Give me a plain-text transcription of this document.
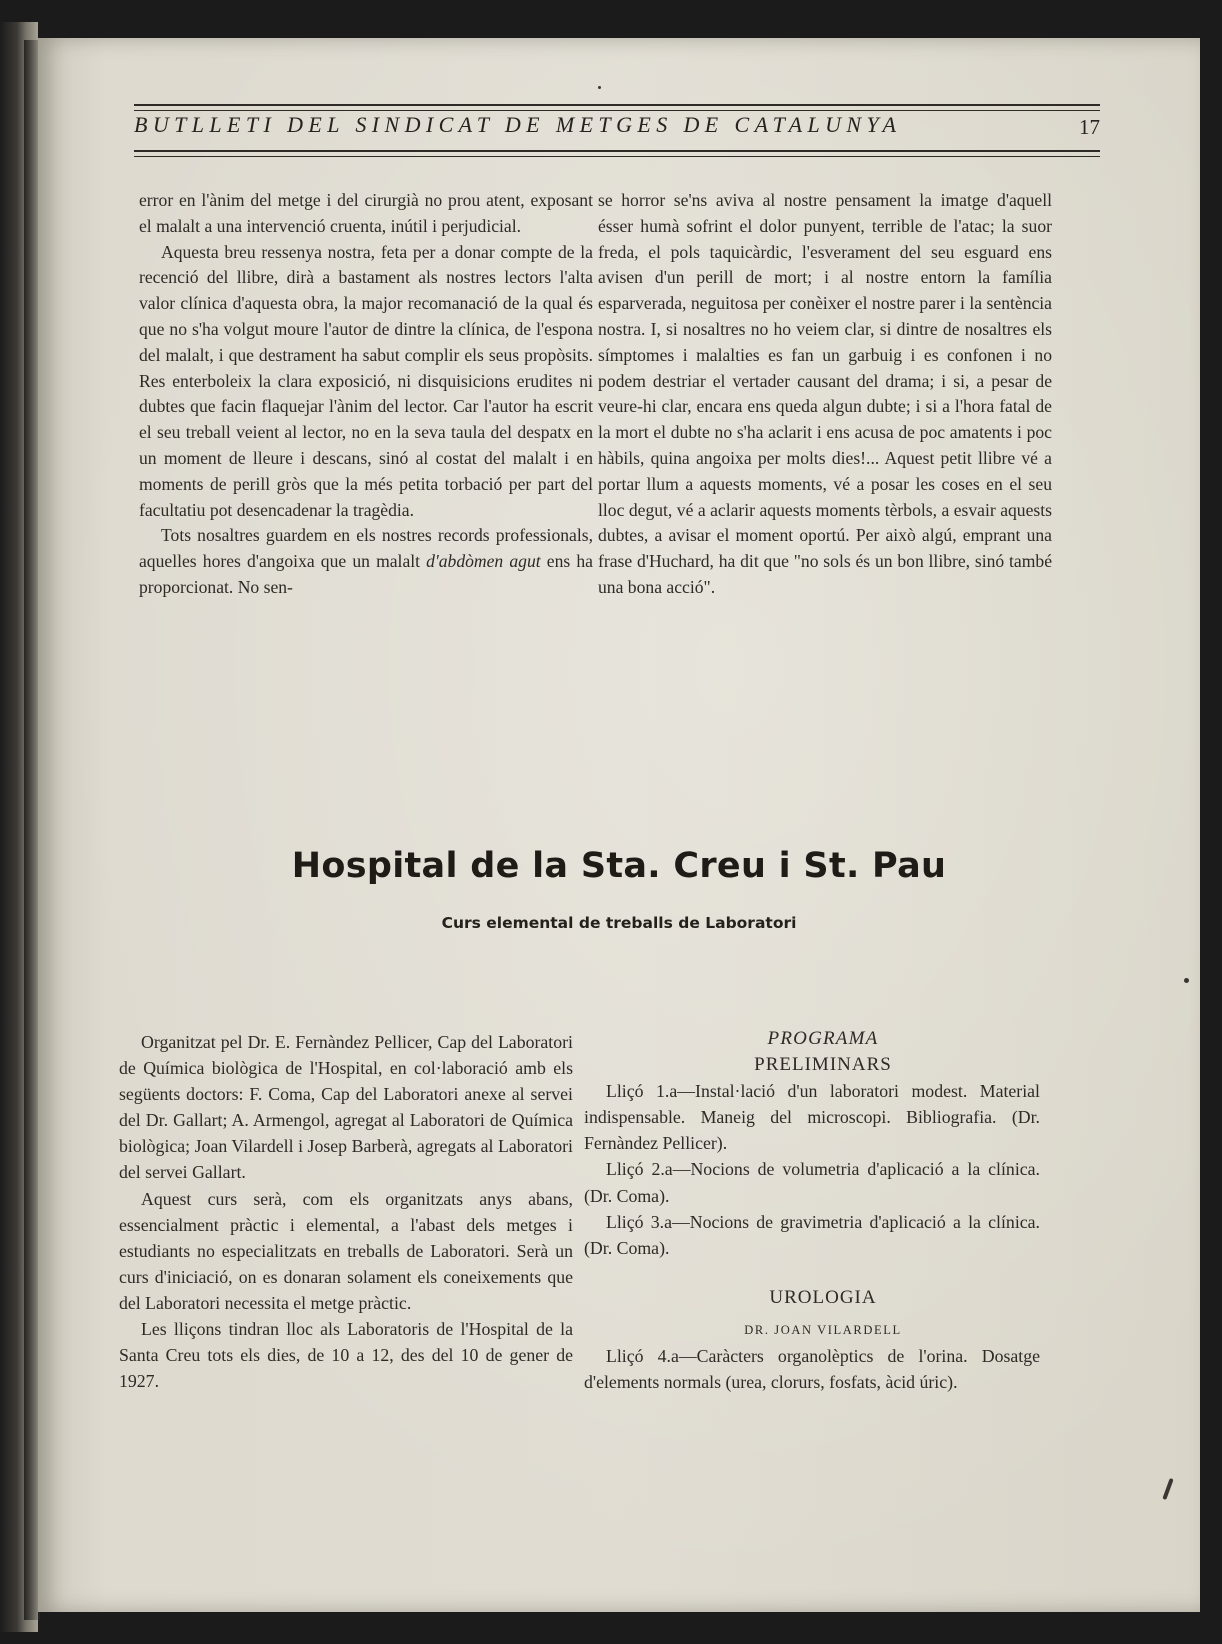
BUTLLETI DEL SINDICAT DE METGES DE CATALUNYA	17

error en l'ànim del metge i del cirurgià no prou atent, exposant el malalt a una intervenció cruenta, inútil i perjudicial.

Aquesta breu ressenya nostra, feta per a donar compte de la recenció del llibre, dirà a bastament als nostres lectors l'alta valor clínica d'aquesta obra, la major recomanació de la qual és que no s'ha volgut moure l'autor de dintre la clínica, de l'espona del malalt, i que destrament ha sabut complir els seus propòsits. Res enterboleix la clara exposició, ni disquisicions erudites ni dubtes que facin flaquejar l'ànim del lector. Car l'autor ha escrit el seu treball veient al lector, no en la seva taula del despatx en un moment de lleure i descans, sinó al costat del malalt i en moments de perill gròs que la més petita torbació per part del facultatiu pot desencadenar la tragèdia.

Tots nosaltres guardem en els nostres records professionals, aquelles hores d'angoixa que un malalt d'abdòmen agut ens ha proporcionat. No sen-

se horror se'ns aviva al nostre pensament la imatge d'aquell ésser humà sofrint el dolor punyent, terrible de l'atac; la suor freda, el pols taquicàrdic, l'esverament del seu esguard ens avisen d'un perill de mort; i al nostre entorn la família esparverada, neguitosa per conèixer el nostre parer i la sentència nostra. I, si nosaltres no ho veiem clar, si dintre de nosaltres els símptomes i malalties es fan un garbuig i es confonen i no podem destriar el vertader causant del drama; i si, a pesar de veure-hi clar, encara ens queda algun dubte; i si a l'hora fatal de la mort el dubte no s'ha aclarit i ens acusa de poc amatents i poc hàbils, quina angoixa per molts dies!... Aquest petit llibre vé a portar llum a aquests moments, vé a posar les coses en el seu lloc degut, vé a aclarir aquests moments tèrbols, a esvair aquests dubtes, a avisar el moment oportú. Per això algú, emprant una frase d'Huchard, ha dit que "no sols és un bon llibre, sinó també una bona acció".

Hospital de la Sta. Creu i St. Pau
Curs elemental de treballs de Laboratori

Organitzat pel Dr. E. Fernàndez Pellicer, Cap del Laboratori de Química biològica de l'Hospital, en col·laboració amb els següents doctors: F. Coma, Cap del Laboratori anexe al servei del Dr. Gallart; A. Armengol, agregat al Laboratori de Química biològica; Joan Vilardell i Josep Barberà, agregats al Laboratori del servei Gallart.

Aquest curs serà, com els organitzats anys abans, essencialment pràctic i elemental, a l'abast dels metges i estudiants no especialitzats en treballs de Laboratori. Serà un curs d'iniciació, on es donaran solament els coneixements que del Laboratori necessita el metge pràctic.

Les lliçons tindran lloc als Laboratoris de l'Hospital de la Santa Creu tots els dies, de 10 a 12, des del 10 de gener de 1927.

PROGRAMA

PRELIMINARS

Lliçó 1.a—Instal·lació d'un laboratori modest. Material indispensable. Maneig del microscopi. Bibliografia. (Dr. Fernàndez Pellicer).

Lliçó 2.a—Nocions de volumetria d'aplicació a la clínica. (Dr. Coma).

Lliçó 3.a—Nocions de gravimetria d'aplicació a la clínica. (Dr. Coma).

UROLOGIA

DR. JOAN VILARDELL

Lliçó 4.a—Caràcters organolèptics de l'orina. Dosatge d'elements normals (urea, clorurs, fosfats, àcid úric).
